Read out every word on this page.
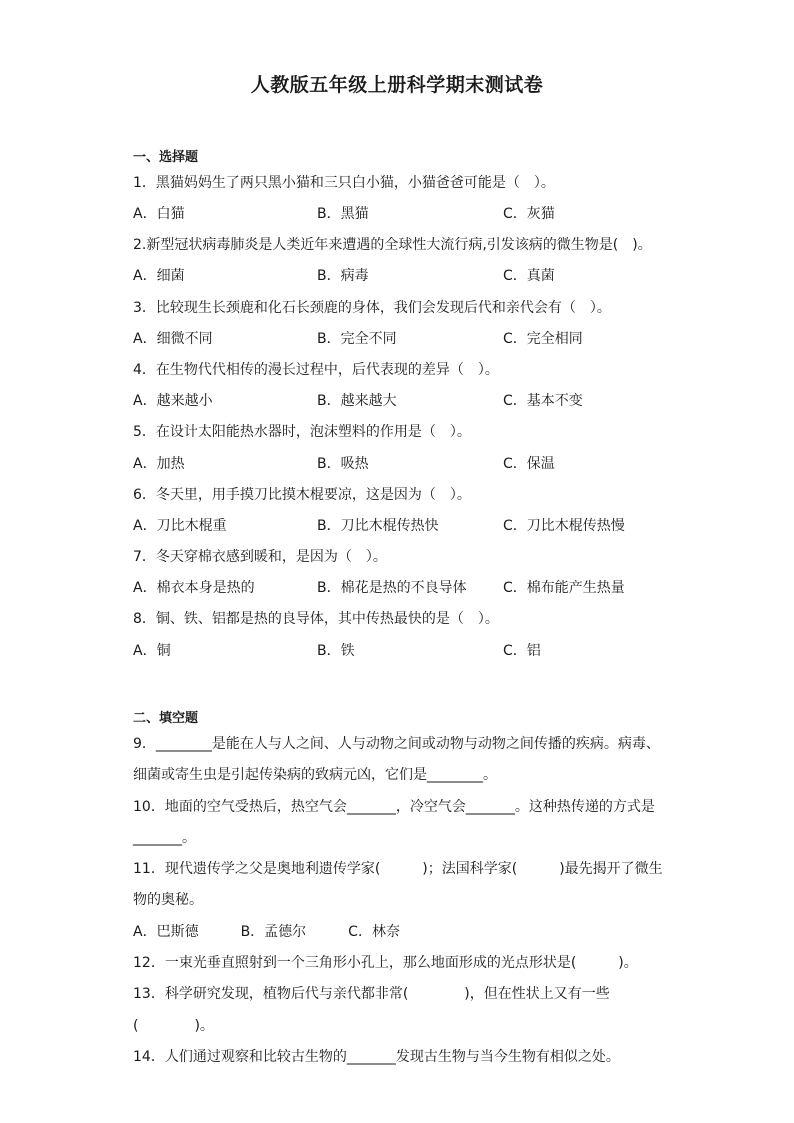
人教版五年级上册科学期末测试卷
一、选择题
1．黑猫妈妈生了两只黑小猫和三只白小猫，小猫爸爸可能是（　）。
A．白猫	B．黑猫	C．灰猫
2.新型冠状病毒肺炎是人类近年来遭遇的全球性大流行病,引发该病的微生物是(　)。
A．细菌	B．病毒	C．真菌
3．比较现生长颈鹿和化石长颈鹿的身体，我们会发现后代和亲代会有（　）。
A．细微不同	B．完全不同	C．完全相同
4．在生物代代相传的漫长过程中，后代表现的差异（　）。
A．越来越小	B．越来越大	C．基本不变
5．在设计太阳能热水器时，泡沫塑料的作用是（　）。
A．加热	B．吸热	C．保温
6．冬天里，用手摸刀比摸木棍要凉，这是因为（　）。
A．刀比木棍重	B．刀比木棍传热快	C．刀比木棍传热慢
7．冬天穿棉衣感到暖和，是因为（　）。
A．棉衣本身是热的	B．棉花是热的不良导体	C．棉布能产生热量
8．铜、铁、铝都是热的良导体，其中传热最快的是（　）。
A．铜	B．铁	C．铝
二、填空题
9．________是能在人与人之间、人与动物之间或动物与动物之间传播的疾病。病毒、
细菌或寄生虫是引起传染病的致病元凶，它们是________。
10．地面的空气受热后，热空气会_______，冷空气会_______。这种热传递的方式是
_______。
11．现代遗传学之父是奥地利遗传学家(　　　)；法国科学家(　　　)最先揭开了微生
物的奥秘。
A．巴斯德　　　B．孟德尔　　　C．林奈
12．一束光垂直照射到一个三角形小孔上，那么地面形成的光点形状是(　　　)。
13．科学研究发现，植物后代与亲代都非常(　　　　)，但在性状上又有一些
(　　　　)。
14．人们通过观察和比较古生物的_______发现古生物与当今生物有相似之处。
